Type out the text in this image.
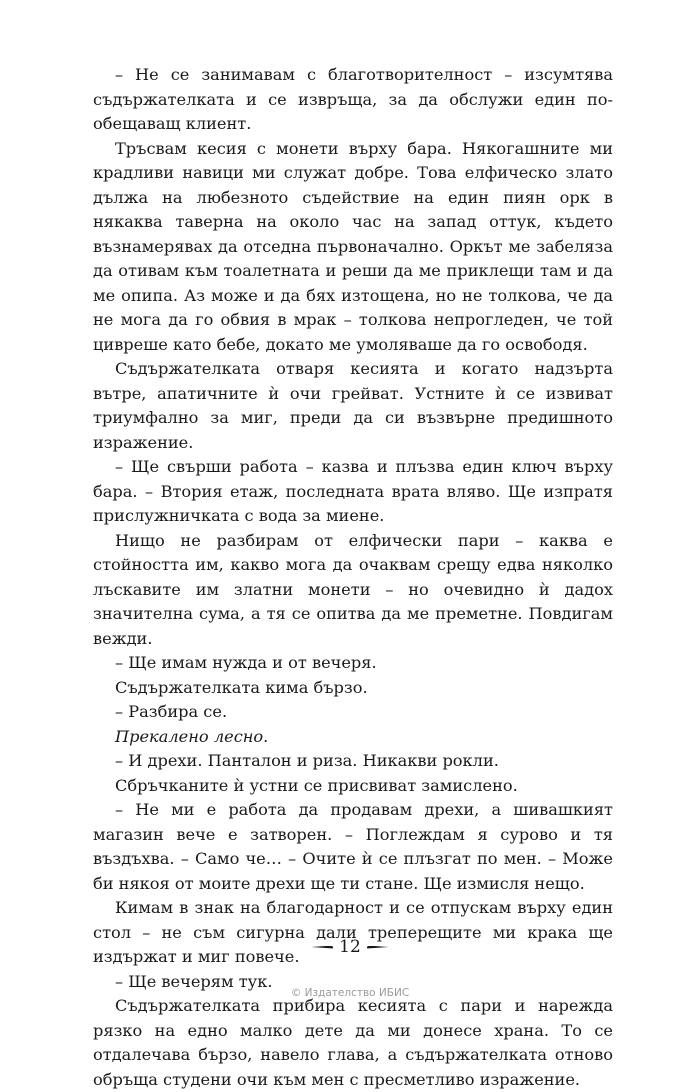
– Не се занимавам с благотворителност – изсумтява съдържателката и се извръща, за да обслужи един по-обещаващ клиент.

Тръсвам кесия с монети върху бара. Някогашните ми крадливи навици ми служат добре. Това елфическо злато дължа на любезното съдействие на един пиян орк в някаква таверна на около час на запад оттук, където възнамерявах да отседна първоначално. Оркът ме забеляза да отивам към тоалетната и реши да ме приклещи там и да ме опипа. Аз може и да бях изтощена, но не толкова, че да не мога да го обвия в мрак – толкова непрогледен, че той цивреше като бебе, докато ме умоляваше да го освободя.

Съдържателката отваря кесията и когато надзърта вътре, апатичните ѝ очи грейват. Устните ѝ се извиват триумфално за миг, преди да си възвърне предишното изражение.

– Ще свърши работа – казва и плъзва един ключ върху бара. – Втория етаж, последната врата вляво. Ще изпратя прислужничката с вода за миене.

Нищо не разбирам от елфически пари – каква е стойността им, какво мога да очаквам срещу едва няколко лъскавите им златни монети – но очевидно ѝ дадох значителна сума, а тя се опитва да ме преметне. Повдигам вежди.

– Ще имам нужда и от вечеря.

Съдържателката кима бързо.

– Разбира се.

Прекалено лесно.

– И дрехи. Панталон и риза. Никакви рокли.

Сбръчканите ѝ устни се присвиват замислено.

– Не ми е работа да продавам дрехи, а шивашкият магазин вече е затворен. – Поглеждам я сурово и тя въздъхва. – Само че… – Очите ѝ се плъзгат по мен. – Може би някоя от моите дрехи ще ти стане. Ще измисля нещо.

Кимам в знак на благодарност и се отпускам върху един стол – не съм сигурна дали треперещите ми крака ще издържат и миг повече.

– Ще вечерям тук.

Съдържателката прибира кесията с пари и нарежда рязко на едно малко дете да ми донесе храна. То се отдалечава бързо, навело глава, а съдържателката отново обръща студени очи към мен с пресметливо изражение.

12
© Издателство ИБИС
